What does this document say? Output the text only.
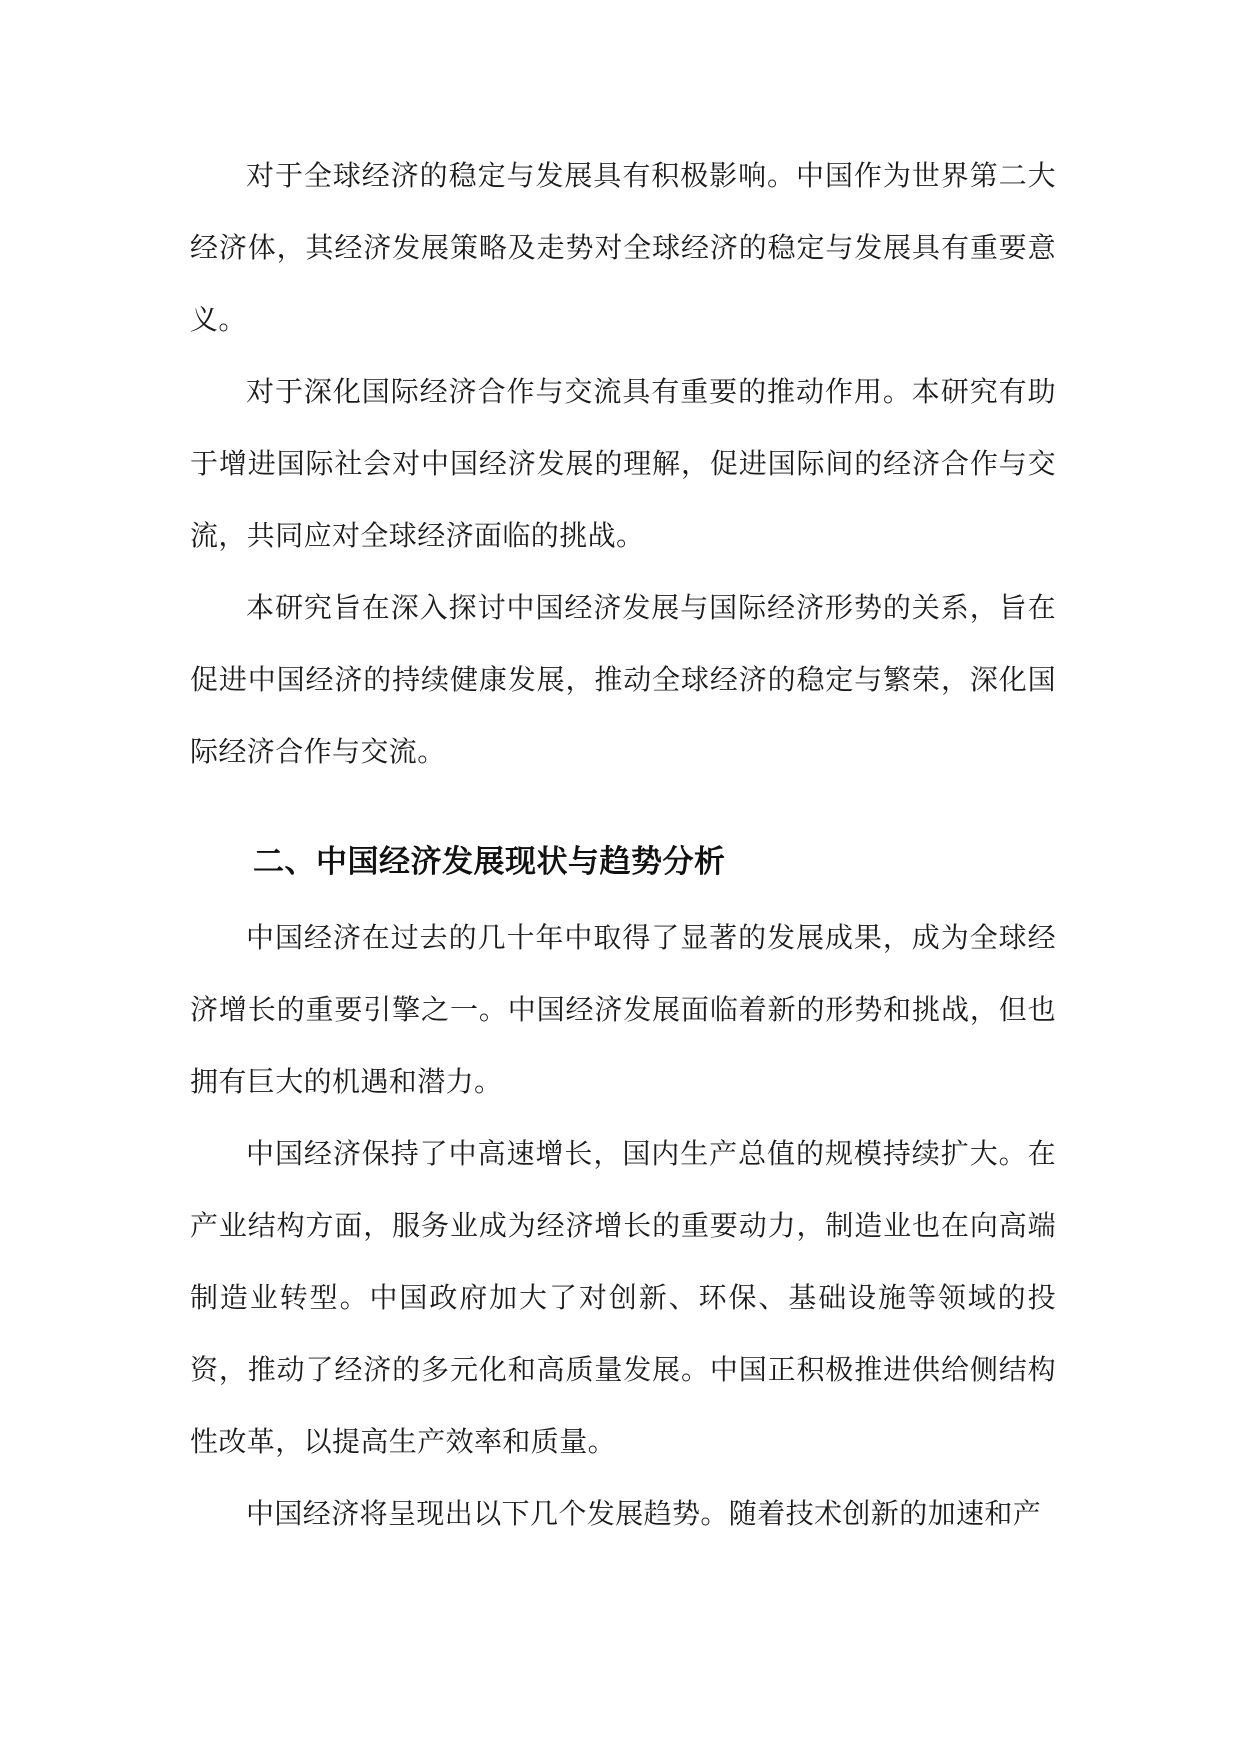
对于全球经济的稳定与发展具有积极影响。中国作为世界第二大经济体，其经济发展策略及走势对全球经济的稳定与发展具有重要意义。

对于深化国际经济合作与交流具有重要的推动作用。本研究有助于增进国际社会对中国经济发展的理解，促进国际间的经济合作与交流，共同应对全球经济面临的挑战。

本研究旨在深入探讨中国经济发展与国际经济形势的关系，旨在促进中国经济的持续健康发展，推动全球经济的稳定与繁荣，深化国际经济合作与交流。

二、中国经济发展现状与趋势分析

中国经济在过去的几十年中取得了显著的发展成果，成为全球经济增长的重要引擎之一。中国经济发展面临着新的形势和挑战，但也拥有巨大的机遇和潜力。

中国经济保持了中高速增长，国内生产总值的规模持续扩大。在产业结构方面，服务业成为经济增长的重要动力，制造业也在向高端制造业转型。中国政府加大了对创新、环保、基础设施等领域的投资，推动了经济的多元化和高质量发展。中国正积极推进供给侧结构性改革，以提高生产效率和质量。

中国经济将呈现出以下几个发展趋势。随着技术创新的加速和产
